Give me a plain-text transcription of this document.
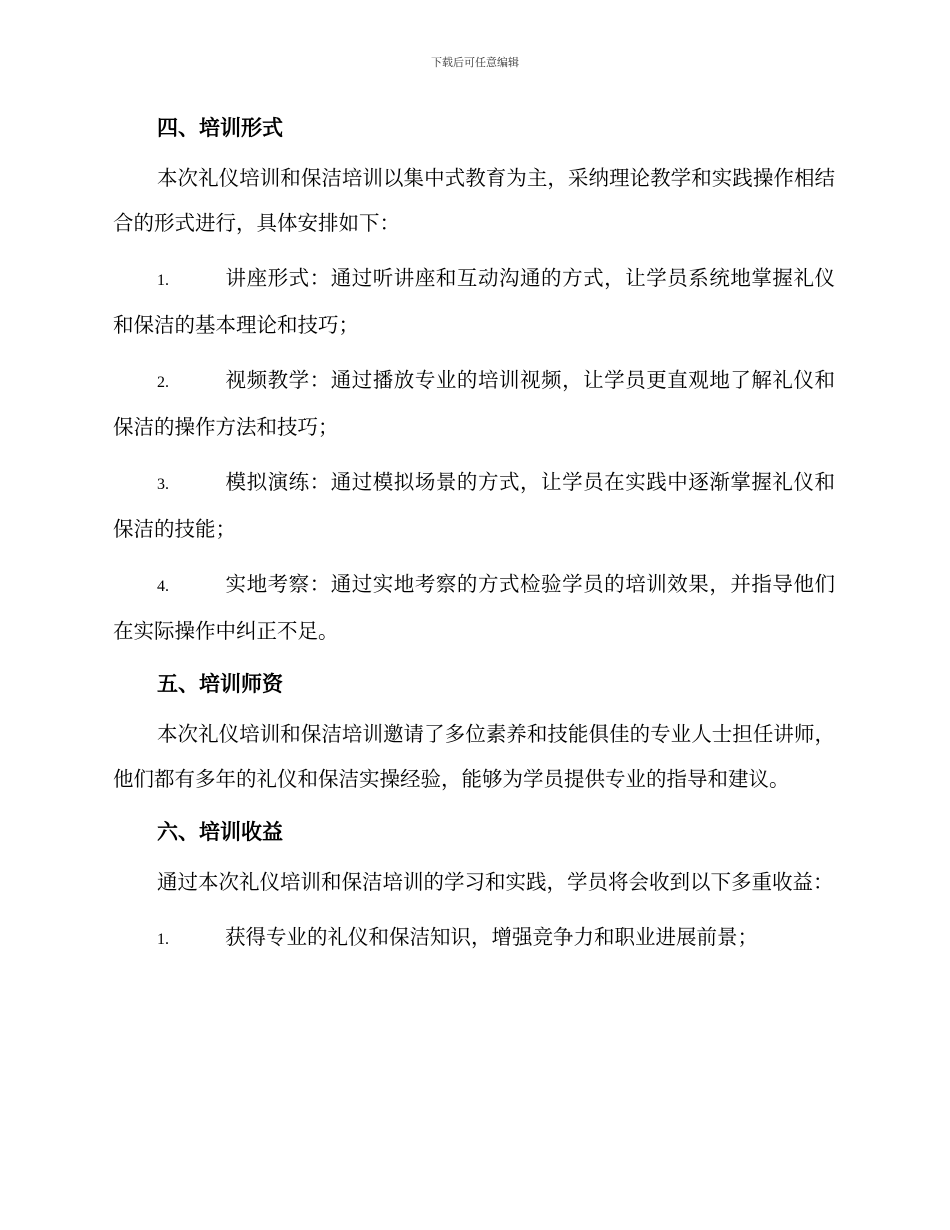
下载后可任意编辑

四、培训形式

本次礼仪培训和保洁培训以集中式教育为主，采纳理论教学和实践操作相结合的形式进行，具体安排如下：

1.	讲座形式：通过听讲座和互动沟通的方式，让学员系统地掌握礼仪和保洁的基本理论和技巧；

2.	视频教学：通过播放专业的培训视频，让学员更直观地了解礼仪和保洁的操作方法和技巧；

3.	模拟演练：通过模拟场景的方式，让学员在实践中逐渐掌握礼仪和保洁的技能；

4.	实地考察：通过实地考察的方式检验学员的培训效果，并指导他们在实际操作中纠正不足。

五、培训师资

本次礼仪培训和保洁培训邀请了多位素养和技能俱佳的专业人士担任讲师，他们都有多年的礼仪和保洁实操经验，能够为学员提供专业的指导和建议。

六、培训收益

通过本次礼仪培训和保洁培训的学习和实践，学员将会收到以下多重收益：

1.	获得专业的礼仪和保洁知识，增强竞争力和职业进展前景；
